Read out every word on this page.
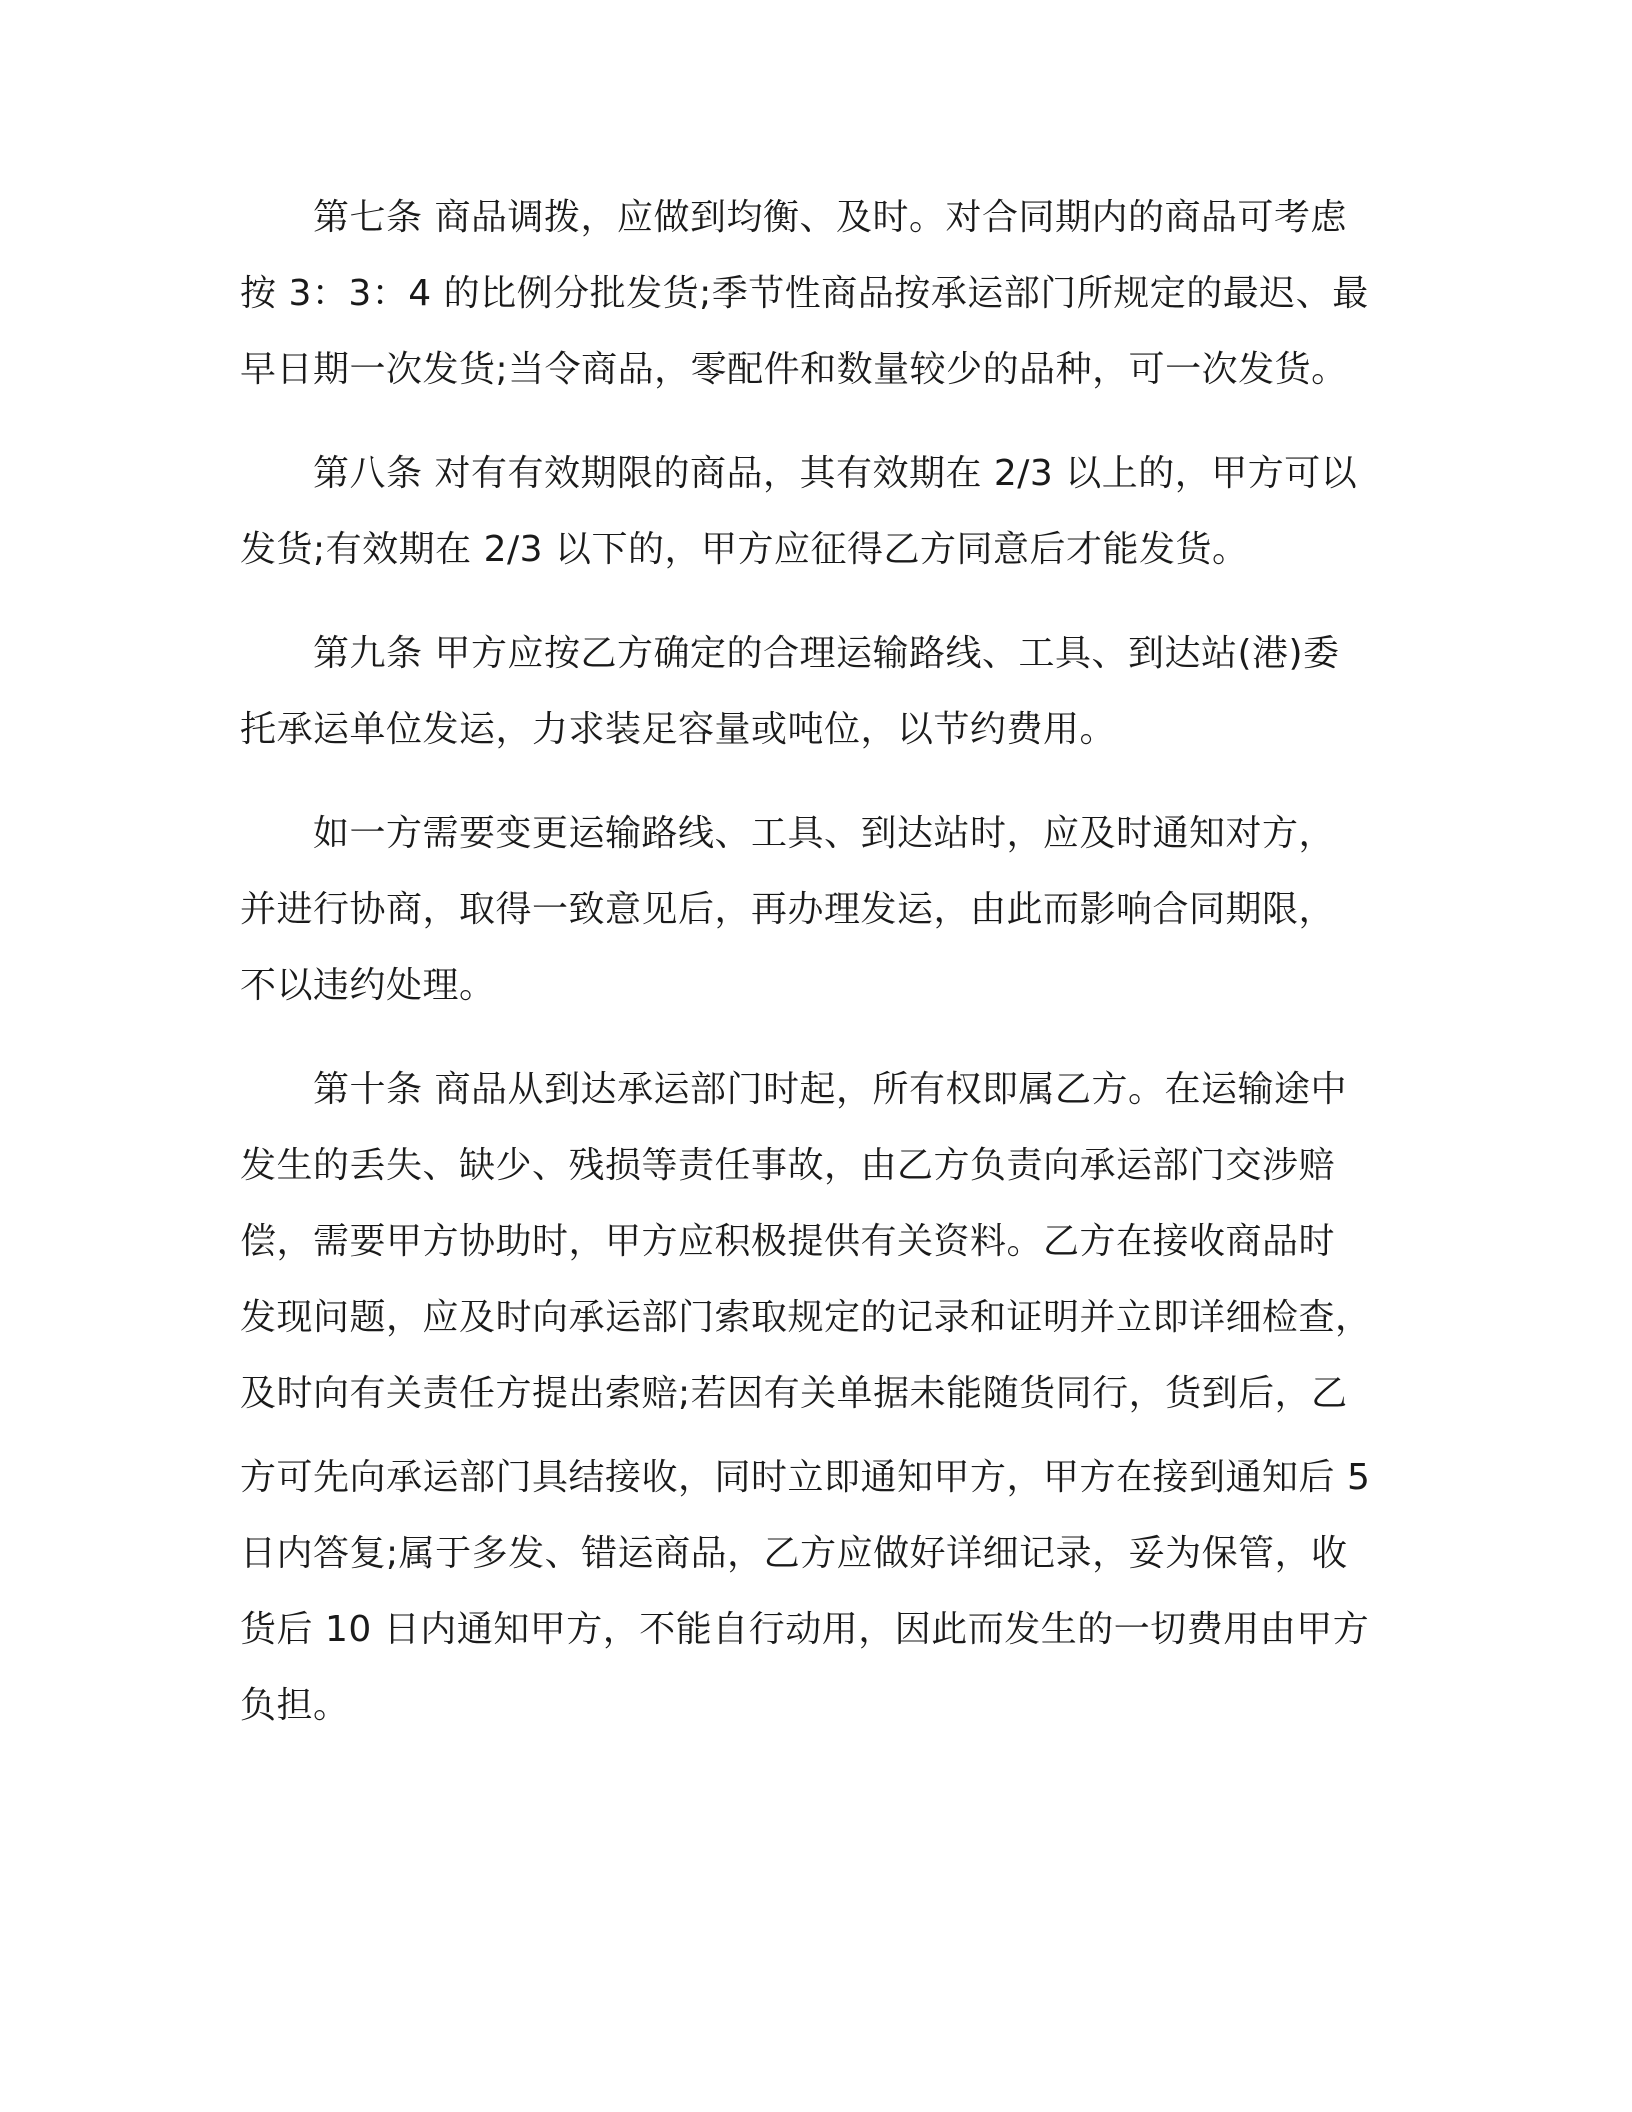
第七条 商品调拨，应做到均衡、及时。对合同期内的商品可考虑
按 3：3：4 的比例分批发货;季节性商品按承运部门所规定的最迟、最
早日期一次发货;当令商品，零配件和数量较少的品种，可一次发货。
第八条 对有有效期限的商品，其有效期在 2/3 以上的，甲方可以
发货;有效期在 2/3 以下的，甲方应征得乙方同意后才能发货。
第九条 甲方应按乙方确定的合理运输路线、工具、到达站(港)委
托承运单位发运，力求装足容量或吨位，以节约费用。
如一方需要变更运输路线、工具、到达站时，应及时通知对方，
并进行协商，取得一致意见后，再办理发运，由此而影响合同期限，
不以违约处理。
第十条 商品从到达承运部门时起，所有权即属乙方。在运输途中
发生的丢失、缺少、残损等责任事故，由乙方负责向承运部门交涉赔
偿，需要甲方协助时，甲方应积极提供有关资料。乙方在接收商品时
发现问题，应及时向承运部门索取规定的记录和证明并立即详细检查，
及时向有关责任方提出索赔;若因有关单据未能随货同行，货到后，乙
方可先向承运部门具结接收，同时立即通知甲方，甲方在接到通知后 5
日内答复;属于多发、错运商品，乙方应做好详细记录，妥为保管，收
货后 10 日内通知甲方，不能自行动用，因此而发生的一切费用由甲方
负担。
